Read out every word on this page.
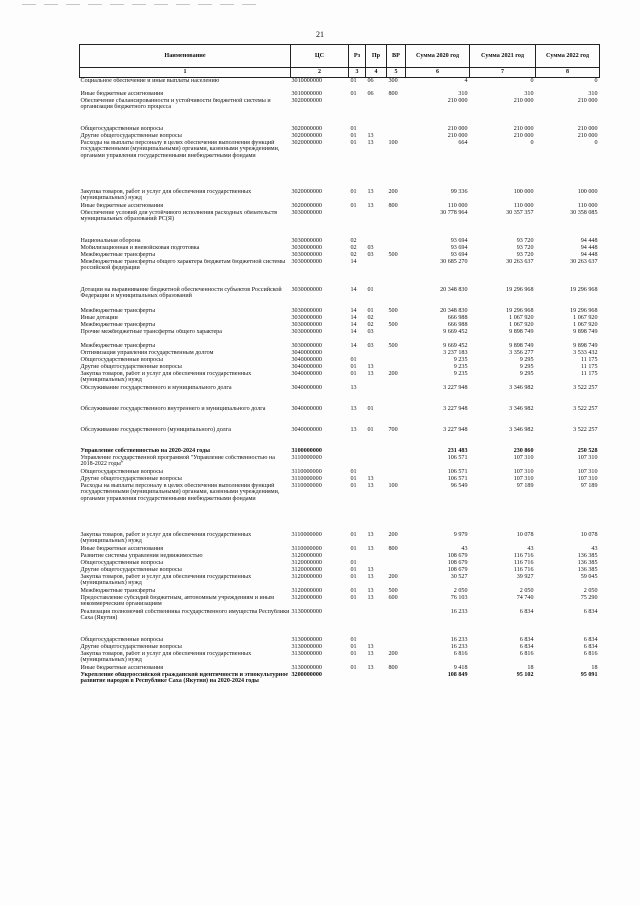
21
Наименование	ЦС	Рз	Пр	ВР	Сумма 2020 год	Сумма 2021 год	Сумма 2022 год
1	2	3	4	5	6	7	8
Социальное обеспечение и иные выплаты населению	3010000000	01	06	300	4	0	0
Иные бюджетные ассигнования	3010000000	01	06	800	310	310	310
Обеспечение сбалансированности и устойчивости бюджетной системы и организация бюджетного процесса	3020000000				210 000	210 000	210 000
Общегосударственные вопросы	3020000000	01			210 000	210 000	210 000
Другие общегосударственные вопросы	3020000000	01	13		210 000	210 000	210 000
Расходы на выплаты персоналу в целях обеспечения выполнения функций государственными (муниципальными) органами, казенными учреждениями, органами управления государственными внебюджетными фондами	3020000000	01	13	100	664	0	0
Закупка товаров, работ и услуг для обеспечения государственных (муниципальных) нужд	3020000000	01	13	200	99 336	100 000	100 000
Иные бюджетные ассигнования	3020000000	01	13	800	110 000	110 000	110 000
Обеспечение условий для устойчивого исполнения расходных обязательств муниципальных образований РС(Я)	3030000000				30 778 964	30 357 357	30 358 085
Национальная оборона	3030000000	02			93 694	93 720	94 448
Мобилизационная и вневойсковая подготовка	3030000000	02	03		93 694	93 720	94 448
Межбюджетные трансферты	3030000000	02	03	500	93 694	93 720	94 448
Межбюджетные трансферты общего характера бюджетам бюджетной системы российской федерации	3030000000	14			30 685 270	30 263 637	30 263 637
Дотации на выравнивание бюджетной обеспеченности субъектов Российской Федерации и муниципальных образований	3030000000	14	01		20 348 830	19 296 968	19 296 968
Межбюджетные трансферты	3030000000	14	01	500	20 348 830	19 296 968	19 296 968
Иные дотации	3030000000	14	02		666 988	1 067 920	1 067 920
Межбюджетные трансферты	3030000000	14	02	500	666 988	1 067 920	1 067 920
Прочие межбюджетные трансферты общего характера	3030000000	14	03		9 669 452	9 898 749	9 898 749
Межбюджетные трансферты	3030000000	14	03	500	9 669 452	9 898 749	9 898 749
Оптимизация управления государственным долгом	3040000000				3 237 183	3 356 277	3 533 432
Общегосударственные вопросы	3040000000	01			9 235	9 295	11 175
Другие общегосударственные вопросы	3040000000	01	13		9 235	9 295	11 175
Закупка товаров, работ и услуг для обеспечения государственных (муниципальных) нужд	3040000000	01	13	200	9 235	9 295	11 175
Обслуживание государственного и муниципального долга	3040000000	13			3 227 948	3 346 982	3 522 257
Обслуживание государственного внутреннего и муниципального долга	3040000000	13	01		3 227 948	3 346 982	3 522 257
Обслуживание государственного (муниципального) долга	3040000000	13	01	700	3 227 948	3 346 982	3 522 257
Управление собственностью на 2020-2024 годы	3100000000				231 483	230 860	250 528
Управление государственной программой "Управление собственностью на 2018-2022 годы"	3110000000				106 571	107 310	107 310
Общегосударственные вопросы	3110000000	01			106 571	107 310	107 310
Другие общегосударственные вопросы	3110000000	01	13		106 571	107 310	107 310
Расходы на выплаты персоналу в целях обеспечения выполнения функций государственными (муниципальными) органами, казенными учреждениями, органами управления государственными внебюджетными фондами	3110000000	01	13	100	96 549	97 189	97 189
Закупка товаров, работ и услуг для обеспечения государственных (муниципальных) нужд	3110000000	01	13	200	9 979	10 078	10 078
Иные бюджетные ассигнования	3110000000	01	13	800	43	43	43
Развитие системы управления недвижимостью	3120000000				108 679	116 716	136 385
Общегосударственные вопросы	3120000000	01			108 679	116 716	136 385
Другие общегосударственные вопросы	3120000000	01	13		108 679	116 716	136 385
Закупка товаров, работ и услуг для обеспечения государственных (муниципальных) нужд	3120000000	01	13	200	30 527	39 927	59 045
Межбюджетные трансферты	3120000000	01	13	500	2 050	2 050	2 050
Предоставление субсидий бюджетным, автономным учреждениям и иным некоммерческим организациям	3120000000	01	13	600	76 103	74 740	75 290
Реализация полномочий собственника государственного имущества Республики Саха (Якутия)	3130000000				16 233	6 834	6 834
Общегосударственные вопросы	3130000000	01			16 233	6 834	6 834
Другие общегосударственные вопросы	3130000000	01	13		16 233	6 834	6 834
Закупка товаров, работ и услуг для обеспечения государственных (муниципальных) нужд	3130000000	01	13	200	6 816	6 816	6 816
Иные бюджетные ассигнования	3130000000	01	13	800	9 418	18	18
Укрепление общероссийской гражданской идентичности и этнокультурное развитие народов в Республике Саха (Якутия) на 2020-2024 годы	3200000000				108 849	95 102	95 091
